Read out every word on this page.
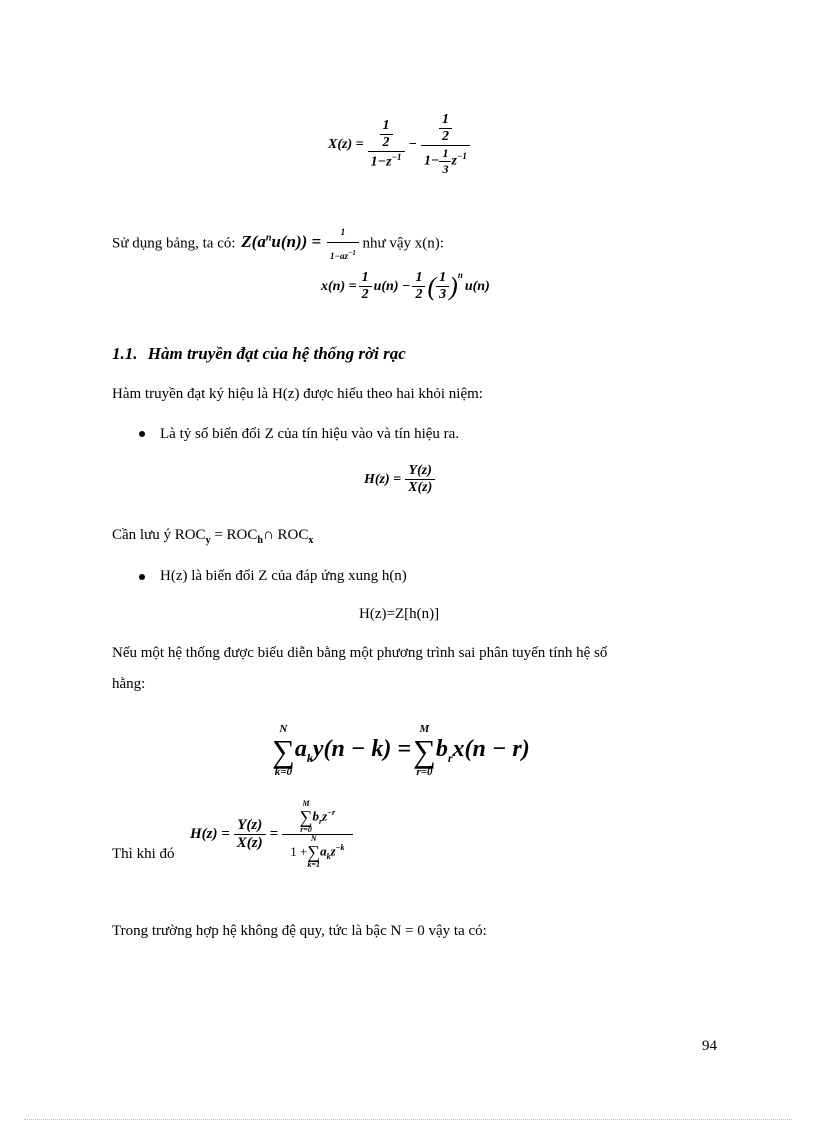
$X(z) = \frac{\frac{1}{2}}{1-z^{-1}} - \frac{\frac{1}{2}}{1- \frac{1}{3} z^{-1}}$
Sử dụng bảng, ta có: $Z(a^nu(n)) = \frac{1}{1-az^{-1}}$ như vậy x(n):
$x(n) = \frac{1}{2} u(n) - \frac{1}{2}$ ( $\frac{1}{3} )^n$
u(n)
1.1. Hàm truyền đạt của hệ thống rời rạc
Hàm truyền đạt ký hiệu là H(z) được hiểu theo hai khỏi niệm:
Là tỷ số biến đổi Z của tín hiệu vào và tín hiệu ra.
$H(z) = \frac{Y(z)}{X(z)}$
Cần lưu ý $ROC_y$ = $ROC_h\cap$ $ROC_x$
H(z) là biến đổi Z của đáp ứng xung h(n)
H(z)=Z[h(n)]
Nếu một hệ thống được biểu diễn bằng một phương trình sai phân tuyến tính hệ số
hằng:
N
∑
k=0
$a_ky(n - k)$ =
M
∑
r=0
$b_rx(n - r)$
Thì khi đó
$H(z) = \frac{Y(z)}{X(z)}$ =
M
∑
r=0
$b_rz^{-r}$
1 +
N
∑
k=1
$a_kz^{-k}$
Trong trường hợp hệ không đệ quy, tức là bậc N = 0 vậy ta có:
94
